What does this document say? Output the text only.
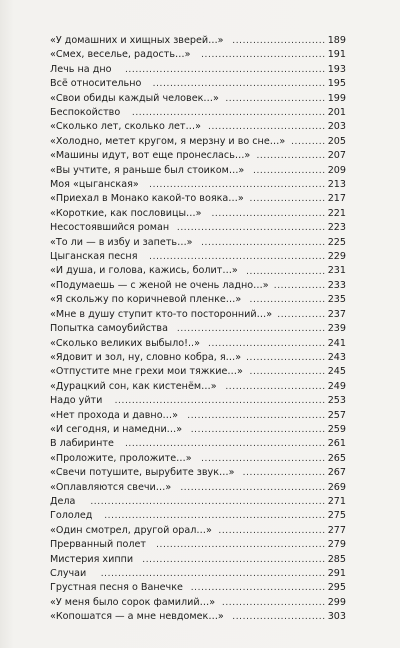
«У домашних и хищных зверей…» ........................... 189
«Смех, веселье, радость…»	.................................... 191
Лечь на дно	.......................................................... 193
Всё относительно	.................................................. 195
«Свои обиды каждый человек…» ............................. 199
Беспокойство	........................................................ 201
«Сколько лет, сколько лет…» .................................. 203
«Холодно, метет кругом, я мерзну и во сне…» .......... 205
«Машины идут, вот еще пронеслась…» .................... 207
«Вы учтите, я раньше был стоиком…» ..................... 209
Моя «цыганская»	................................................... 213
«Приехал в Монако какой-то вояка…» ...................... 217
«Короткие, как пословицы…»	................................. 221
Несостоявшийся роман ........................................... 223
«То ли — в избу и запеть…» .................................... 225
Цыганская песня	................................................... 229
«И душа, и голова, кажись, болит…» ....................... 231
«Подумаешь — с женой не очень ладно…» ............... 233
«Я скольжу по коричневой пленке…» ...................... 235
«Мне в душу ступит кто-то посторонний…» .............. 237
Попытка самоубийства ........................................... 239
«Сколько великих выбыло!..» .................................. 241
«Ядовит и зол, ну, словно кобра, я…» ....................... 243
«Отпустите мне грехи мои тяжкие…» ...................... 245
«Дурацкий сон, как кистенём…» ............................. 249
Надо уйти	............................................................. 253
«Нет прохода и давно…»	........................................ 257
«И сегодня, и намедни…» ....................................... 259
В лабиринте	.......................................................... 261
«Проложите, проложите…»	.................................... 265
«Свечи потушите, вырубите звук…» ........................ 267
«Оплавляются свечи…»	.......................................... 269
Дела	.................................................................... 271
Гололед	................................................................ 275
«Один смотрел, другой орал…» ............................... 277
Прерванный полет	................................................. 279
Мистерия хиппи	..................................................... 285
Случаи	................................................................. 291
Грустная песня о Ванечке ....................................... 295
«У меня было сорок фамилий…» .............................. 299
«Копошатся — а мне невдомек…» ........................... 303
